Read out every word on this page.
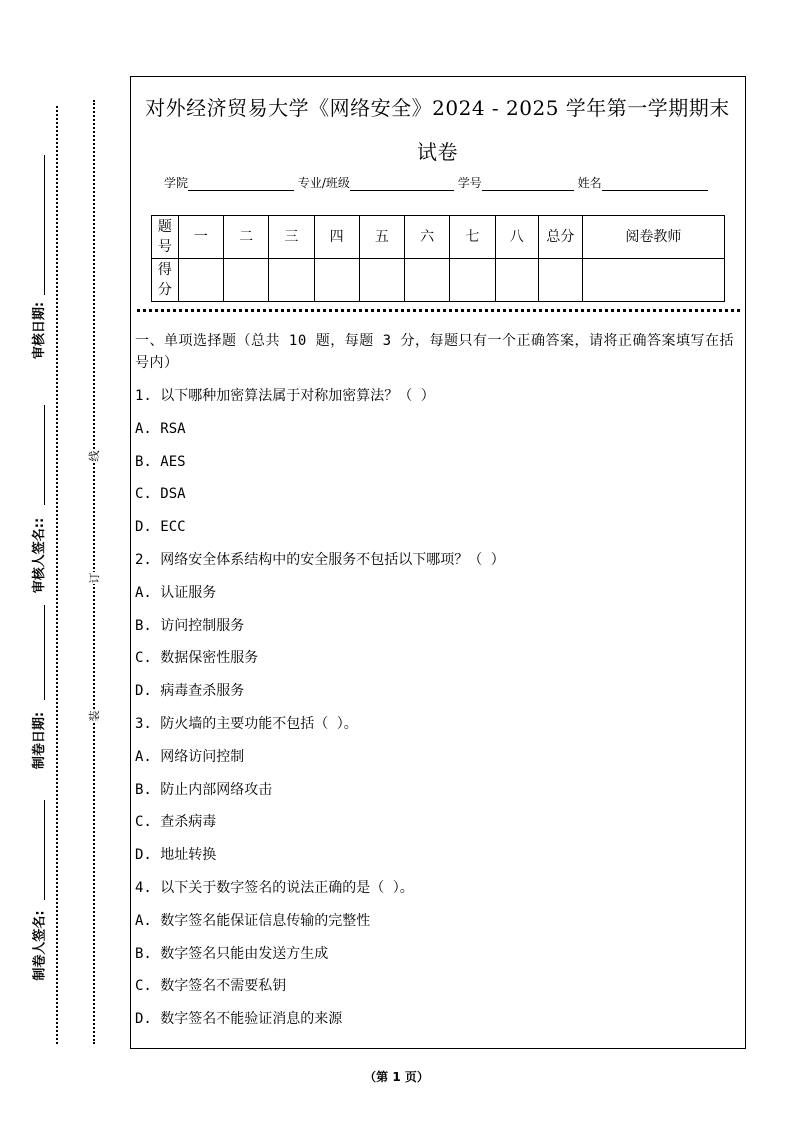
审核日期:
审核人签名::
制卷日期:
制卷人签名:
线
订
装
对外经济贸易大学《网络安全》2024 - 2025 学年第一学期期末试卷
学院	专业/班级	学号	姓名
题号	一	二	三	四	五	六	七	八	总分	阅卷教师
得分										
一、单项选择题（总共 10 题，每题 3 分，每题只有一个正确答案，请将正确答案填写在括号内）
1. 以下哪种加密算法属于对称加密算法？（ ）
A. RSA
B. AES
C. DSA
D. ECC
2. 网络安全体系结构中的安全服务不包括以下哪项？（ ）
A. 认证服务
B. 访问控制服务
C. 数据保密性服务
D. 病毒查杀服务
3. 防火墙的主要功能不包括（ ）。
A. 网络访问控制
B. 防止内部网络攻击
C. 查杀病毒
D. 地址转换
4. 以下关于数字签名的说法正确的是（ ）。
A. 数字签名能保证信息传输的完整性
B. 数字签名只能由发送方生成
C. 数字签名不需要私钥
D. 数字签名不能验证消息的来源
（第 1 页）
